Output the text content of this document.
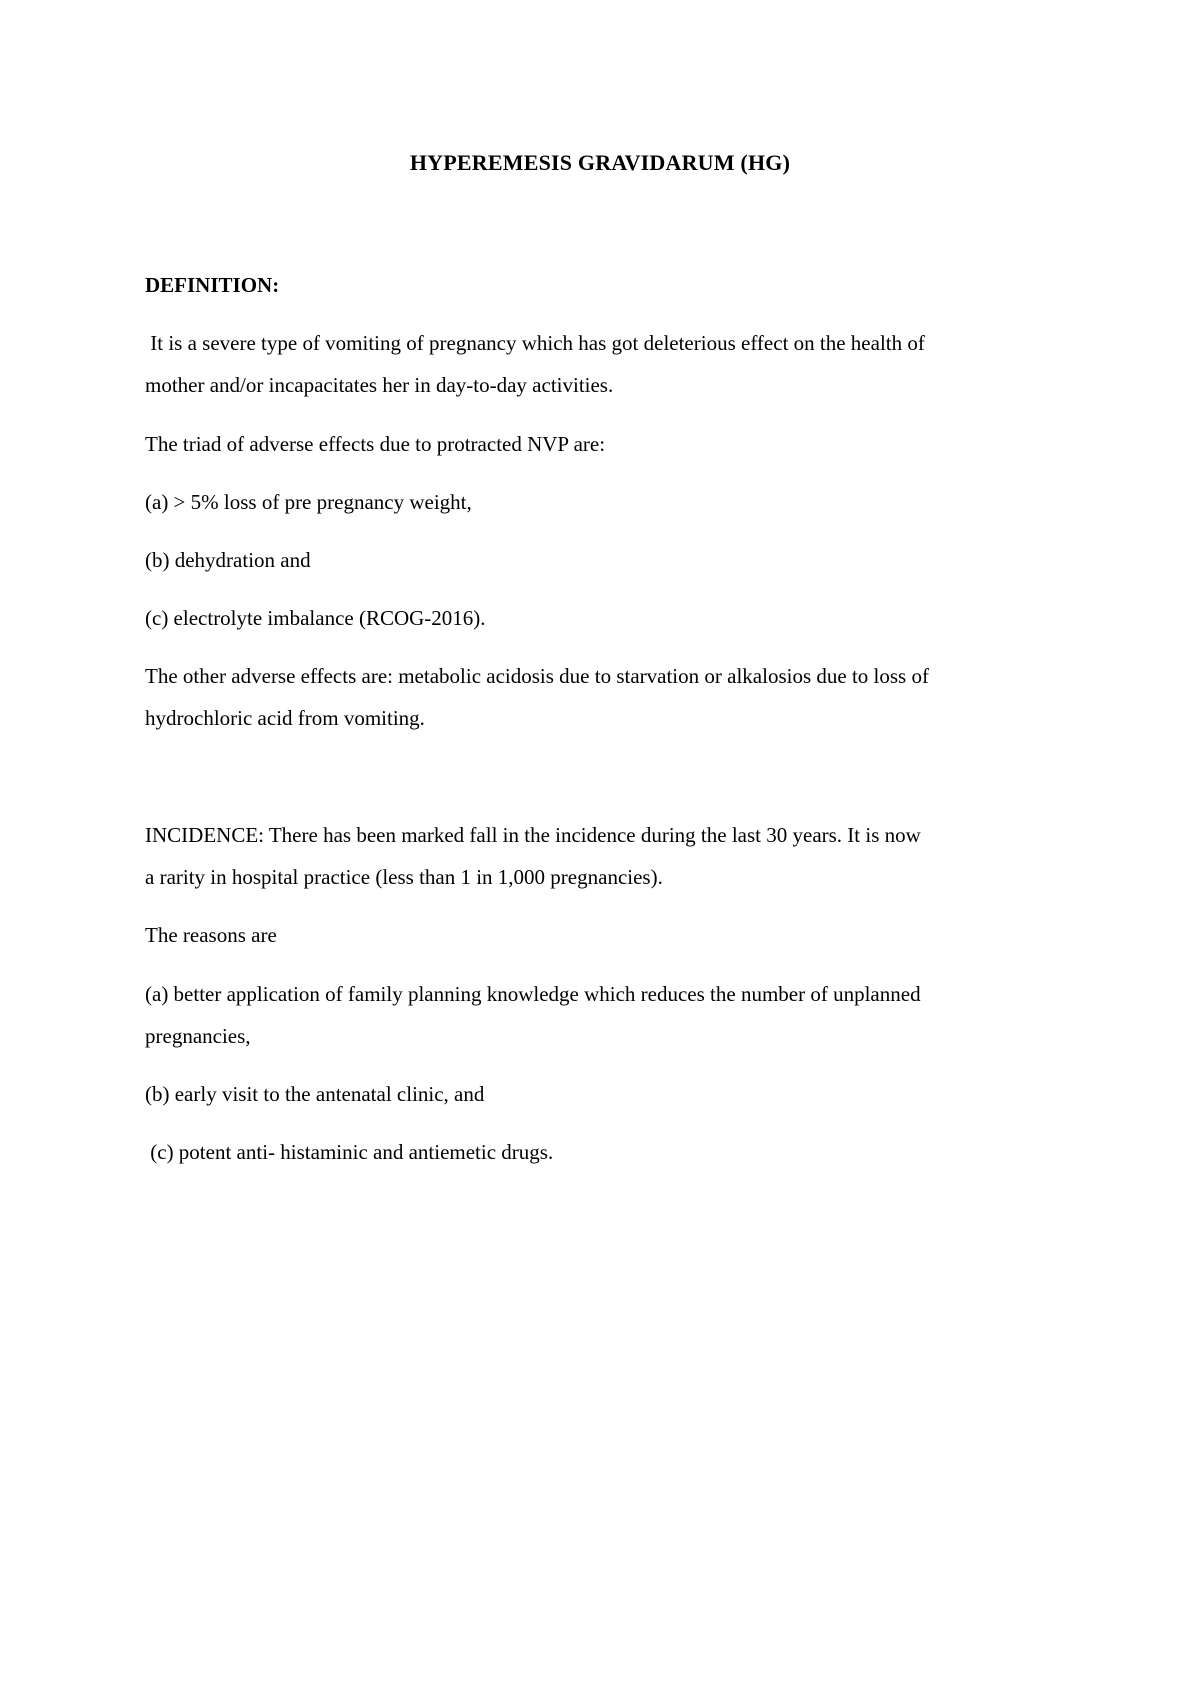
HYPEREMESIS GRAVIDARUM (HG)
DEFINITION:
It is a severe type of vomiting of pregnancy which has got deleterious effect on the health of
mother and/or incapacitates her in day-to-day activities.
The triad of adverse effects due to protracted NVP are:
(a) > 5% loss of pre pregnancy weight,
(b) dehydration and
(c) electrolyte imbalance (RCOG-2016).
The other adverse effects are: metabolic acidosis due to starvation or alkalosios due to loss of
hydrochloric acid from vomiting.
INCIDENCE: There has been marked fall in the incidence during the last 30 years. It is now
a rarity in hospital practice (less than 1 in 1,000 pregnancies).
The reasons are
(a) better application of family planning knowledge which reduces the number of unplanned
pregnancies,
(b) early visit to the antenatal clinic, and
(c) potent anti- histaminic and antiemetic drugs.
